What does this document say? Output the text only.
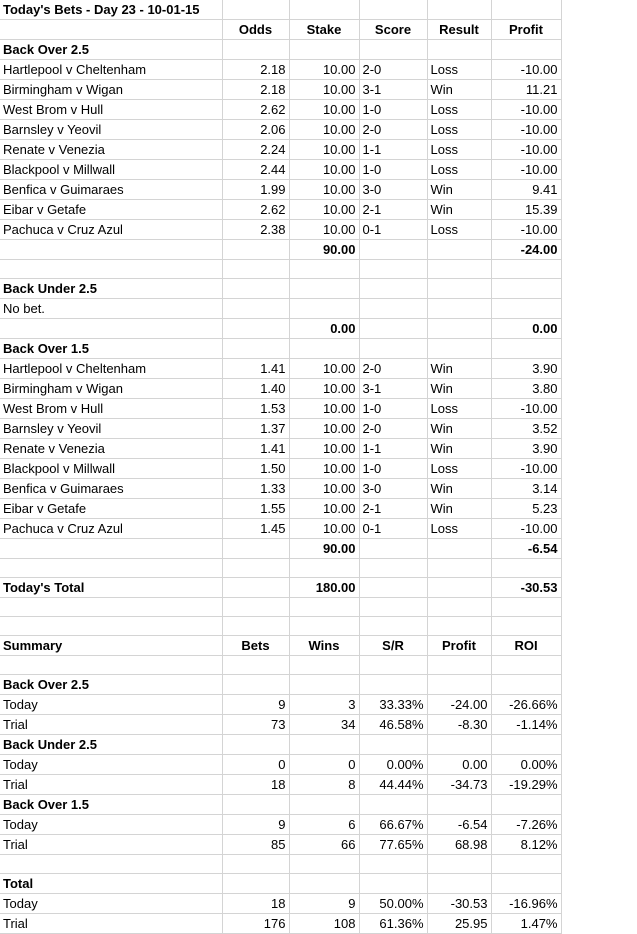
Today's Bets - Day 23 - 10-01-15					
	Odds	Stake	Score	Result	Profit
Back Over 2.5					
Hartlepool v Cheltenham	2.18	10.00	2-0	Loss	-10.00
Birmingham v Wigan	2.18	10.00	3-1	Win	11.21
West Brom v Hull	2.62	10.00	1-0	Loss	-10.00
Barnsley v Yeovil	2.06	10.00	2-0	Loss	-10.00
Renate v Venezia	2.24	10.00	1-1	Loss	-10.00
Blackpool v Millwall	2.44	10.00	1-0	Loss	-10.00
Benfica v Guimaraes	1.99	10.00	3-0	Win	9.41
Eibar v Getafe	2.62	10.00	2-1	Win	15.39
Pachuca v Cruz Azul	2.38	10.00	0-1	Loss	-10.00
		90.00			-24.00

Back Under 2.5					
No bet.					
		0.00			0.00
Back Over 1.5					
Hartlepool v Cheltenham	1.41	10.00	2-0	Win	3.90
Birmingham v Wigan	1.40	10.00	3-1	Win	3.80
West Brom v Hull	1.53	10.00	1-0	Loss	-10.00
Barnsley v Yeovil	1.37	10.00	2-0	Win	3.52
Renate v Venezia	1.41	10.00	1-1	Win	3.90
Blackpool v Millwall	1.50	10.00	1-0	Loss	-10.00
Benfica v Guimaraes	1.33	10.00	3-0	Win	3.14
Eibar v Getafe	1.55	10.00	2-1	Win	5.23
Pachuca v Cruz Azul	1.45	10.00	0-1	Loss	-10.00
		90.00			-6.54

Today's Total		180.00			-30.53

Summary	Bets	Wins	S/R	Profit	ROI

Back Over 2.5					
Today	9	3	33.33%	-24.00	-26.66%
Trial	73	34	46.58%	-8.30	-1.14%
Back Under 2.5					
Today	0	0	0.00%	0.00	0.00%
Trial	18	8	44.44%	-34.73	-19.29%
Back Over 1.5					
Today	9	6	66.67%	-6.54	-7.26%
Trial	85	66	77.65%	68.98	8.12%

Total					
Today	18	9	50.00%	-30.53	-16.96%
Trial	176	108	61.36%	25.95	1.47%
